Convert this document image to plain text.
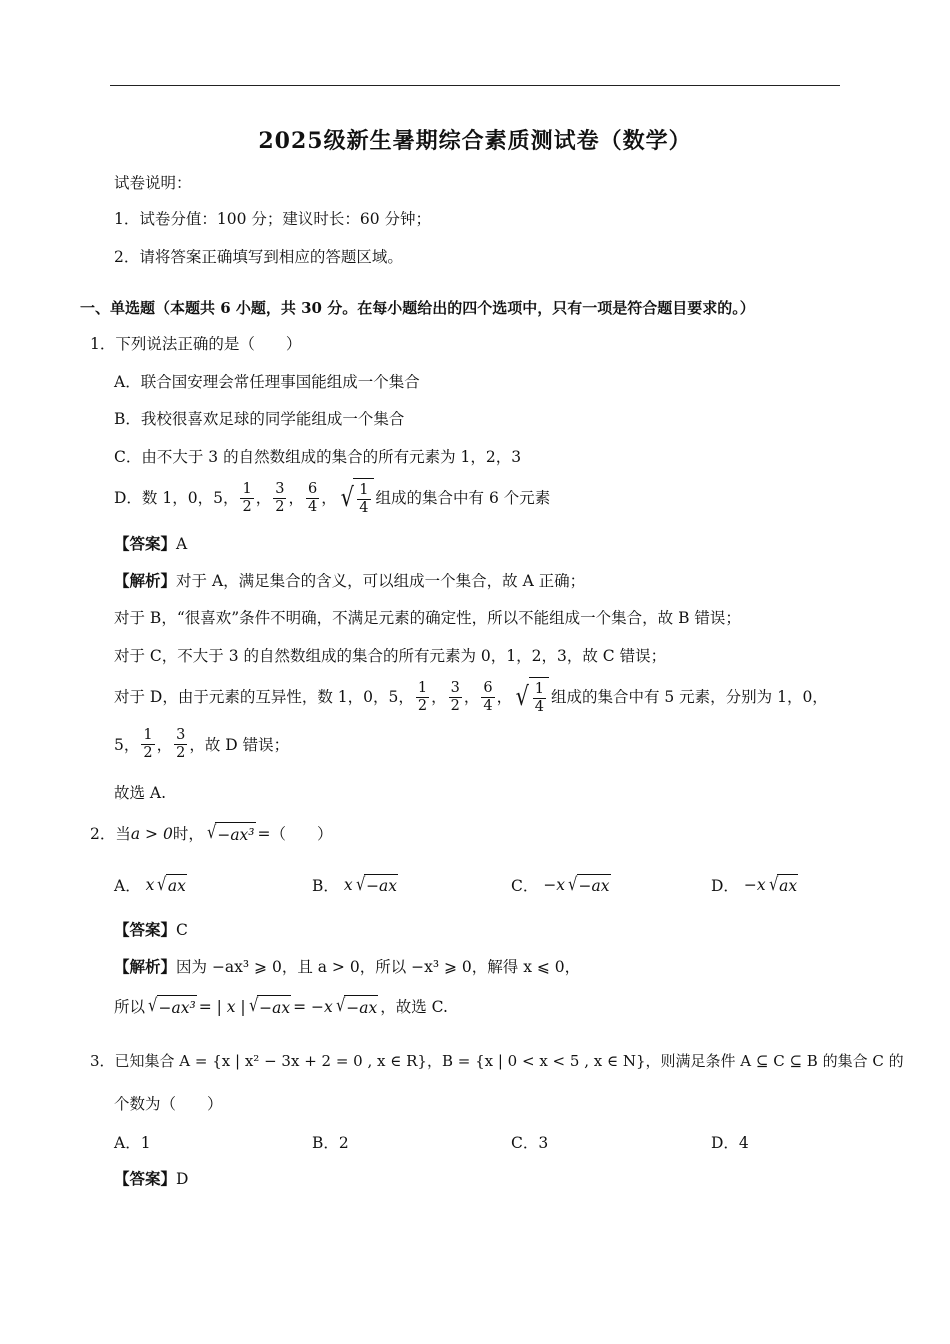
2025级新生暑期综合素质测试卷（数学）
试卷说明：
1．试卷分值：100 分；建议时长：60 分钟；
2．请将答案正确填写到相应的答题区域。
一、单选题（本题共 6 小题，共 30 分。在每小题给出的四个选项中，只有一项是符合题目要求的。）
1．下列说法正确的是（　　）
A．联合国安理会常任理事国能组成一个集合
B．我校很喜欢足球的同学能组成一个集合
C．由不大于 3 的自然数组成的集合的所有元素为 1，2，3
D．数 1，0，5， $\frac{1}{2}$ ， $\frac{3}{2}$ ， $\frac{6}{4}$ ， √ $\frac{1}{4}$ 组成的集合中有 6 个元素
【答案】A
【解析】对于 A，满足集合的含义，可以组成一个集合，故 A 正确；
对于 B，“很喜欢”条件不明确，不满足元素的确定性，所以不能组成一个集合，故 B 错误；
对于 C，不大于 3 的自然数组成的集合的所有元素为 0，1，2，3，故 C 错误；
对于 D，由于元素的互异性，数 1，0，5， $\frac{1}{2}$ ， $\frac{3}{2}$ ， $\frac{6}{4}$ ， √ $\frac{1}{4}$ 组成的集合中有 5 元素，分别为 1，0，
5， $\frac{1}{2}$ ， $\frac{3}{2}$ ，故 D 错误；
故选 A.
2．当 a > 0 时， √ −ax³ =（　　）
A．
x √ ax	B．
x √ −ax	C．
−x √ −ax	D．
−x √ ax
【答案】C
【解析】因为 −ax³ ⩾ 0，且 a > 0，所以 −x³ ⩾ 0，解得 x ⩽ 0，
所以 √ −ax³ = | x | √ −ax = −x √ −ax ，故选 C.
3．已知集合 A = {x | x² − 3x + 2 = 0 , x ∈ R}，B = {x | 0 < x < 5 , x ∈ N}，则满足条件 A ⊆ C ⊆ B 的集合 C 的
个数为（　　）
A．1	B．2	C．3	D．4
【答案】D
